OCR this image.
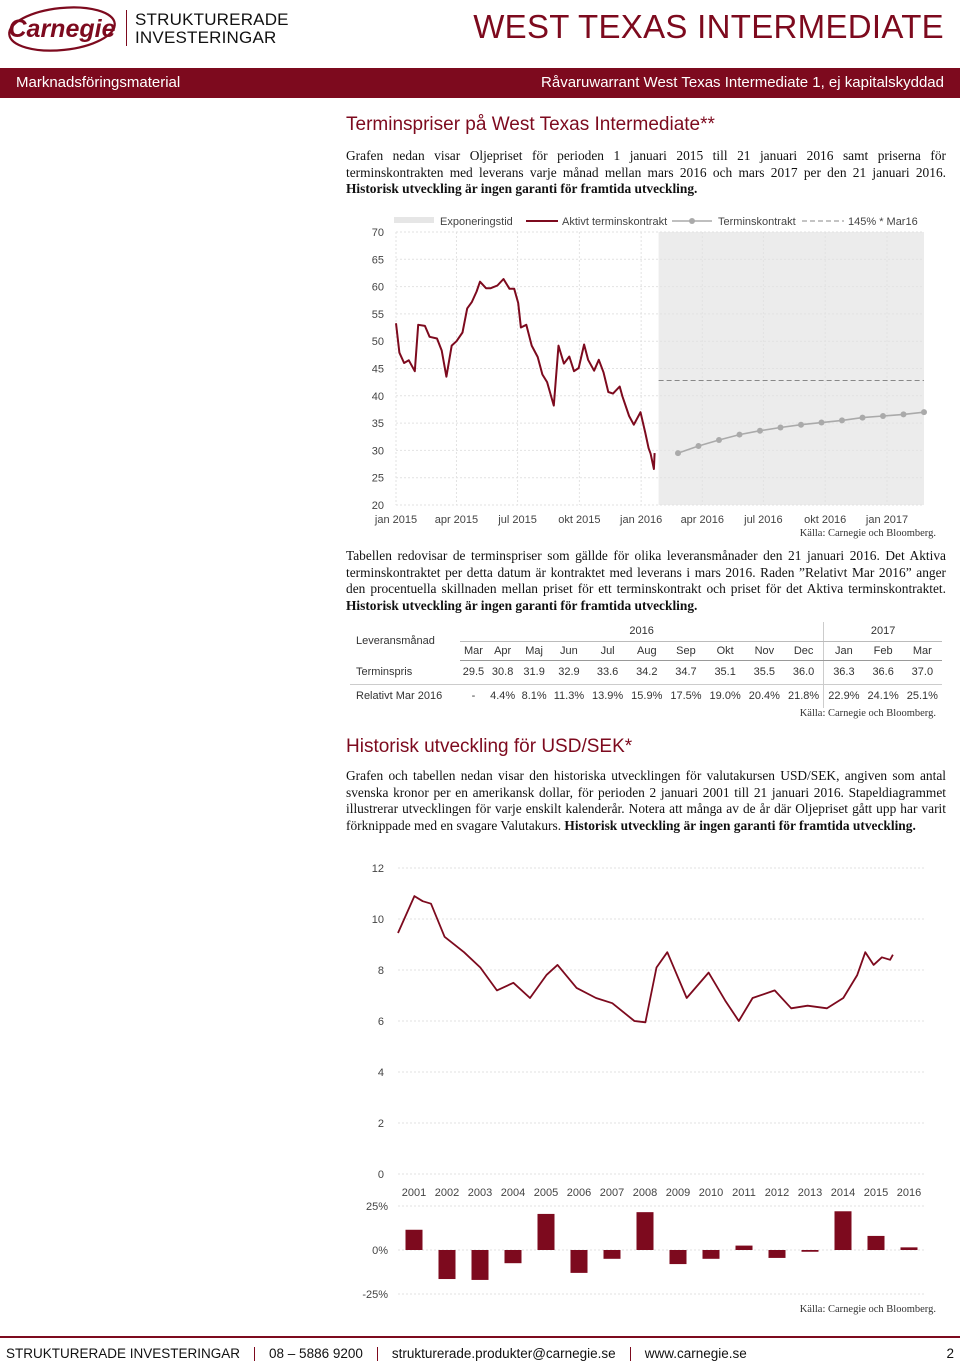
Carnegie STRUKTURERADE
INVESTERINGAR	WEST TEXAS INTERMEDIATE
Marknadsföringsmaterial	Råvaruwarrant West Texas Intermediate 1, ej kapitalskyddad
Terminspriser på West Texas Intermediate**
Grafen nedan visar Oljepriset för perioden 1 januari 2015 till 21 januari 2016 samt priserna för terminskontrakten med leverans varje månad mellan mars 2016 och mars 2017 per den 21 januari 2016. Historisk utveckling är ingen garanti för framtida utveckling.
20
25
30
35
40
45
50
55
60
65
70
jan 2015 apr 2015 jul 2015 okt 2015 jan 2016 apr 2016 jul 2016 okt 2016 jan 2017
Exponeringstid	Aktivt terminskontrakt	Terminskontrakt	145% * Mar16
Källa: Carnegie och Bloomberg.
Tabellen redovisar de terminspriser som gällde för olika leveransmånader den 21 januari 2016. Det Aktiva terminskontraktet per detta datum är kontraktet med leverans i mars 2016. Raden ”Relativt Mar 2016” anger den procentuella skillnaden mellan priset för ett terminskontrakt och priset för det Aktiva terminskontraktet. Historisk utveckling är ingen garanti för framtida utveckling.
Leveransmånad	2016										2017		
	Mar	Apr	Maj	Jun	Jul	Aug	Sep	Okt	Nov	Dec	Jan	Feb	Mar
Terminspris	29.5	30.8	31.9	32.9	33.6	34.2	34.7	35.1	35.5	36.0	36.3	36.6	37.0
Relativt Mar 2016	-	4.4%	8.1%	11.3%	13.9%	15.9%	17.5%	19.0%	20.4%	21.8%	22.9%	24.1%	25.1%
Källa: Carnegie och Bloomberg.
Historisk utveckling för USD/SEK*
Grafen och tabellen nedan visar den historiska utvecklingen för valutakursen USD/SEK, angiven som antal svenska kronor per en amerikansk dollar, för perioden 2 januari 2001 till 21 januari 2016. Stapeldiagrammet illustrerar utvecklingen för varje enskilt kalenderår. Notera att många av de år där Oljepriset gått upp har varit förknippade med en svagare Valutakurs. Historisk utveckling är ingen garanti för framtida utveckling.
0
2
4
6
8
10
12
25%
0%
-25%
2001 2002 2003 2004 2005 2006 2007 2008 2009 2010 2011 2012 2013 2014 2015 2016
Källa: Carnegie och Bloomberg.
STRUKTURERADE INVESTERINGAR 08 – 5886 9200 strukturerade.produkter@carnegie.se www.carnegie.se	2
